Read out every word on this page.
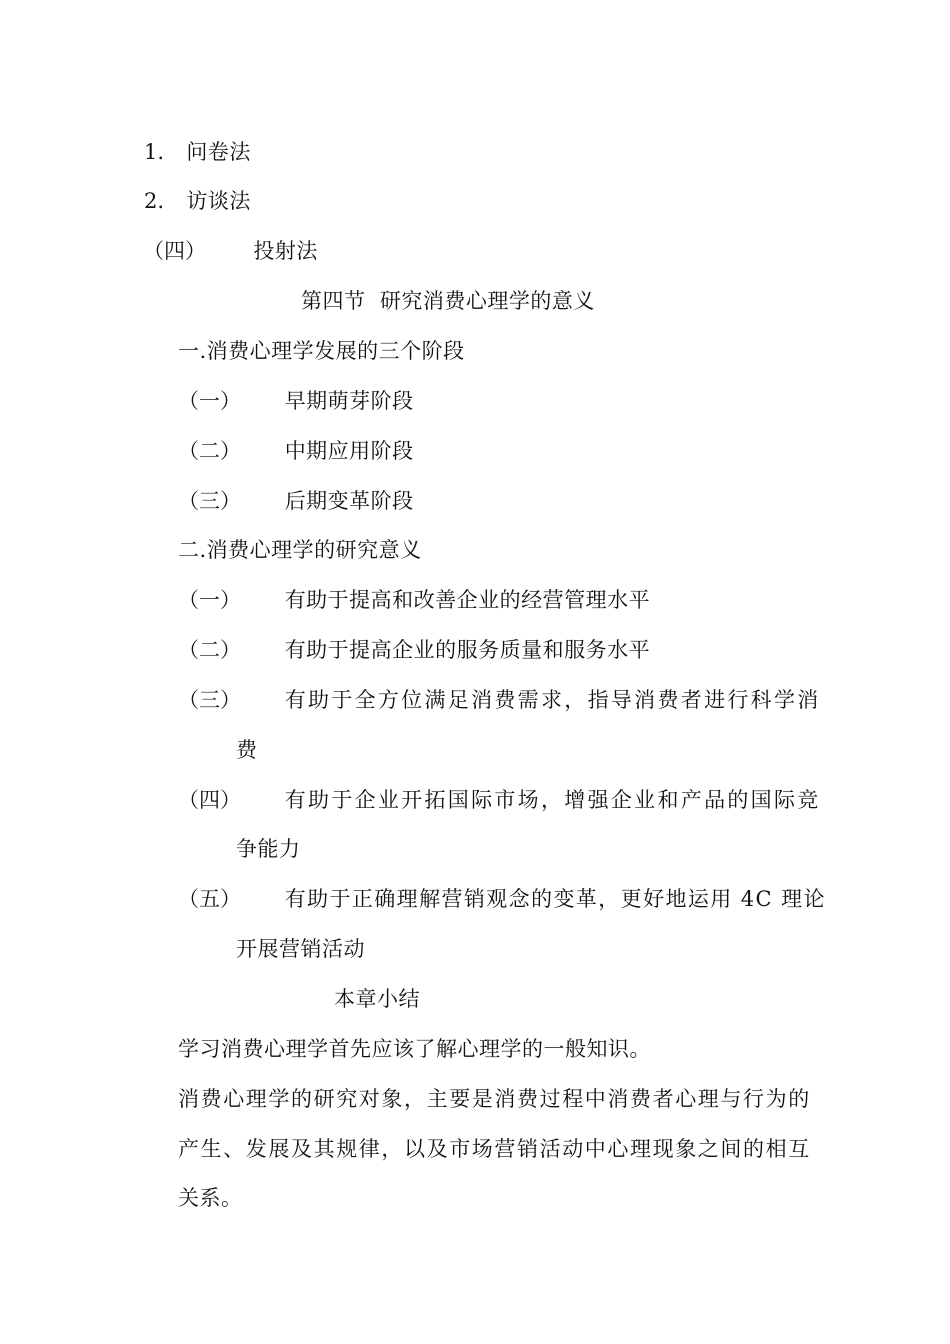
1. 问卷法
2. 访谈法
（四） 投射法
第四节  研究消费心理学的意义
一.消费心理学发展的三个阶段
（一） 早期萌芽阶段
（二） 中期应用阶段
（三） 后期变革阶段
二.消费心理学的研究意义
（一） 有助于提高和改善企业的经营管理水平
（二） 有助于提高企业的服务质量和服务水平
（三） 有助于全方位满足消费需求，指导消费者进行科学消
费
（四） 有助于企业开拓国际市场，增强企业和产品的国际竞
争能力
（五） 有助于正确理解营销观念的变革，更好地运用 4C 理论
开展营销活动
本章小结
学习消费心理学首先应该了解心理学的一般知识。
消费心理学的研究对象，主要是消费过程中消费者心理与行为的
产生、发展及其规律，以及市场营销活动中心理现象之间的相互
关系。
